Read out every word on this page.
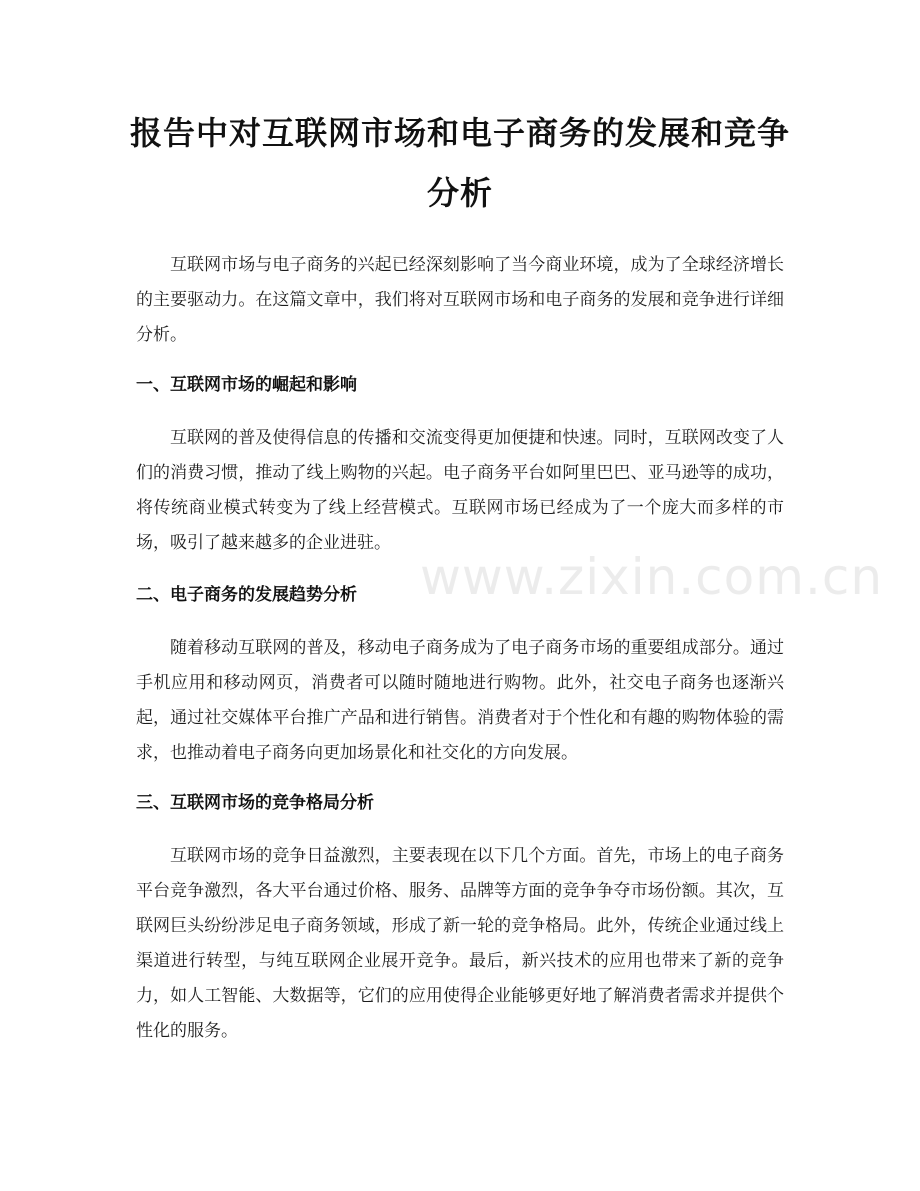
报告中对互联网市场和电子商务的发展和竞争分析

互联网市场与电子商务的兴起已经深刻影响了当今商业环境，成为了全球经济增长的主要驱动力。在这篇文章中，我们将对互联网市场和电子商务的发展和竞争进行详细分析。

一、互联网市场的崛起和影响

互联网的普及使得信息的传播和交流变得更加便捷和快速。同时，互联网改变了人们的消费习惯，推动了线上购物的兴起。电子商务平台如阿里巴巴、亚马逊等的成功，将传统商业模式转变为了线上经营模式。互联网市场已经成为了一个庞大而多样的市场，吸引了越来越多的企业进驻。

二、电子商务的发展趋势分析

随着移动互联网的普及，移动电子商务成为了电子商务市场的重要组成部分。通过手机应用和移动网页，消费者可以随时随地进行购物。此外，社交电子商务也逐渐兴起，通过社交媒体平台推广产品和进行销售。消费者对于个性化和有趣的购物体验的需求，也推动着电子商务向更加场景化和社交化的方向发展。

三、互联网市场的竞争格局分析

互联网市场的竞争日益激烈，主要表现在以下几个方面。首先，市场上的电子商务平台竞争激烈，各大平台通过价格、服务、品牌等方面的竞争争夺市场份额。其次，互联网巨头纷纷涉足电子商务领域，形成了新一轮的竞争格局。此外，传统企业通过线上渠道进行转型，与纯互联网企业展开竞争。最后，新兴技术的应用也带来了新的竞争力，如人工智能、大数据等，它们的应用使得企业能够更好地了解消费者需求并提供个性化的服务。

www.zixin.com.cn
